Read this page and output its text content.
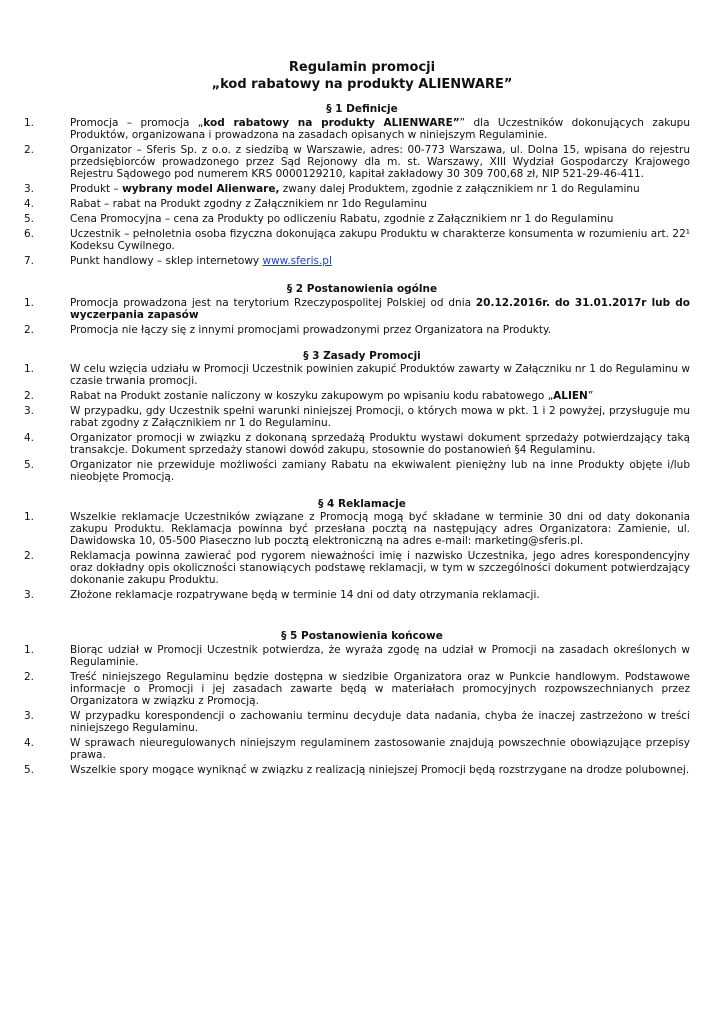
Regulamin promocji
„kod rabatowy na produkty ALIENWARE”
§ 1 Definicje
1.	Promocja – promocja „kod rabatowy na produkty ALIENWARE”” dla Uczestników dokonujących zakupu Produktów, organizowana i prowadzona na zasadach opisanych w niniejszym Regulaminie.
2.	Organizator – Sferis Sp. z o.o. z siedzibą w Warszawie, adres: 00-773 Warszawa, ul. Dolna 15, wpisana do rejestru przedsiębiorców prowadzonego przez Sąd Rejonowy dla m. st. Warszawy, XIII Wydział Gospodarczy Krajowego Rejestru Sądowego pod numerem KRS 0000129210, kapitał zakładowy 30 309 700,68 zł, NIP 521-29-46-411.
3.	Produkt – wybrany model Alienware, zwany dalej Produktem, zgodnie z załącznikiem nr 1 do Regulaminu
4.	Rabat – rabat na Produkt zgodny z Załącznikiem nr 1do Regulaminu
5.	Cena Promocyjna – cena za Produkty po odliczeniu Rabatu, zgodnie z Załącznikiem nr 1 do Regulaminu
6.	Uczestnik – pełnoletnia osoba fizyczna dokonująca zakupu Produktu w charakterze konsumenta w rozumieniu art. 22¹ Kodeksu Cywilnego.
7.	Punkt handlowy – sklep internetowy www.sferis.pl
§ 2 Postanowienia ogólne
1.	Promocja prowadzona jest na terytorium Rzeczypospolitej Polskiej od dnia 20.12.2016r. do 31.01.2017r lub do wyczerpania zapasów
2.	Promocja nie łączy się z innymi promocjami prowadzonymi przez Organizatora na Produkty.
§ 3 Zasady Promocji
1.	W celu wzięcia udziału w Promocji Uczestnik powinien zakupić Produktów zawarty w Załączniku nr 1 do Regulaminu w czasie trwania promocji.
2.	Rabat na Produkt zostanie naliczony w koszyku zakupowym po wpisaniu kodu rabatowego „ALIEN”
3.	W przypadku, gdy Uczestnik spełni warunki niniejszej Promocji, o których mowa w pkt. 1 i 2 powyżej, przysługuje mu rabat zgodny z Załącznikiem nr 1 do Regulaminu.
4.	Organizator promocji w związku z dokonaną sprzedażą Produktu wystawi dokument sprzedaży potwierdzający taką transakcje. Dokument sprzedaży stanowi dowód zakupu, stosownie do postanowień §4 Regulaminu.
5.	Organizator nie przewiduje możliwości zamiany Rabatu na ekwiwalent pieniężny lub na inne Produkty objęte i/lub nieobjęte Promocją.
§ 4 Reklamacje
1.	Wszelkie reklamacje Uczestników związane z Promocją mogą być składane w terminie 30 dni od daty dokonania zakupu Produktu. Reklamacja powinna być przesłana pocztą na następujący adres Organizatora: Zamienie, ul. Dawidowska 10, 05-500 Piaseczno lub pocztą elektroniczną na adres e-mail: marketing@sferis.pl.
2.	Reklamacja powinna zawierać pod rygorem nieważności imię i nazwisko Uczestnika, jego adres korespondencyjny oraz dokładny opis okoliczności stanowiących podstawę reklamacji, w tym w szczególności dokument potwierdzający dokonanie zakupu Produktu.
3.	Złożone reklamacje rozpatrywane będą w terminie 14 dni od daty otrzymania reklamacji.
§ 5 Postanowienia końcowe
1.	Biorąc udział w Promocji Uczestnik potwierdza, że wyraża zgodę na udział w Promocji na zasadach określonych w Regulaminie.
2.	Treść niniejszego Regulaminu będzie dostępna w siedzibie Organizatora oraz w Punkcie handlowym. Podstawowe informacje o Promocji i jej zasadach zawarte będą w materiałach promocyjnych rozpowszechnianych przez Organizatora w związku z Promocją.
3.	W przypadku korespondencji o zachowaniu terminu decyduje data nadania, chyba że inaczej zastrzeżono w treści niniejszego Regulaminu.
4.	W sprawach nieuregulowanych niniejszym regulaminem zastosowanie znajdują powszechnie obowiązujące przepisy prawa.
5.	Wszelkie spory mogące wyniknąć w związku z realizacją niniejszej Promocji będą rozstrzygane na drodze polubownej.
